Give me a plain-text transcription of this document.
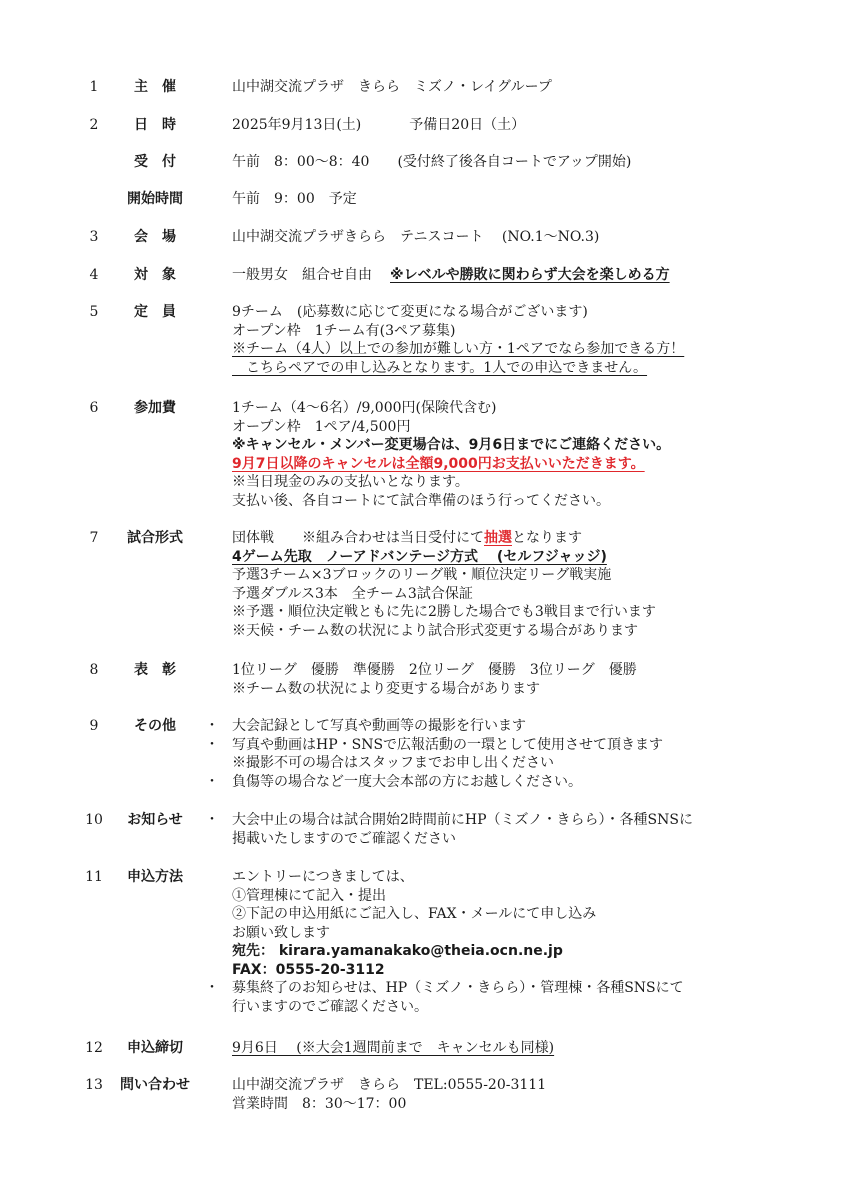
1	主　催	山中湖交流プラザ　きらら　ミズノ・レイグループ
2	日　時	2025年9月13日(土)	予備日20日（土）
受　付	午前　8：00～8：40　　(受付終了後各自コートでアップ開始)
開始時間	午前　9：00　予定
3	会　場	山中湖交流プラザきらら　テニスコート　 (NO.1～NO.3)
4	対　象	一般男女　組合せ自由 ※レベルや勝敗に関わらず大会を楽しめる方
5	定　員	9チーム　(応募数に応じて変更になる場合がございます)
オープン枠　1チーム有(3ペア募集)
※チーム（4人）以上での参加が難しい方・1ペアでなら参加できる方！
　こちらペアでの申し込みとなります。1人での申込できません。
6	参加費	1チーム（4～6名）/9,000円(保険代含む)
オープン枠　1ペア/4,500円
※キャンセル・メンバー変更場合は、9月6日までにご連絡ください。
9月7日以降のキャンセルは全額9,000円お支払いいただきます。
※当日現金のみの支払いとなります。
支払い後、各自コートにて試合準備のほう行ってください。
7	試合形式	団体戦　　※組み合わせは当日受付にて抽選となります
4ゲーム先取　ノーアドバンテージ方式　 (セルフジャッジ)
予選3チーム×3ブロックのリーグ戦・順位決定リーグ戦実施
予選ダブルス3本　全チーム3試合保証
※予選・順位決定戦ともに先に2勝した場合でも3戦目まで行います
※天候・チーム数の状況により試合形式変更する場合があります
8	表　彰	1位リーグ　優勝　準優勝　2位リーグ　優勝　3位リーグ　優勝
※チーム数の状況により変更する場合があります
9	その他	・ 大会記録として写真や動画等の撮影を行います
・ 写真や動画はHP・SNSで広報活動の一環として使用させて頂きます
※撮影不可の場合はスタッフまでお申し出ください
・ 負傷等の場合など一度大会本部の方にお越しください。
10	お知らせ	・ 大会中止の場合は試合開始2時間前にHP（ミズノ・きらら）・各種SNSに
掲載いたしますのでご確認ください
11	申込方法	エントリーにつきましては、
①管理棟にて記入・提出
②下記の申込用紙にご記入し、FAX・メールにて申し込み
お願い致します
宛先： kirara.yamanakako@theia.ocn.ne.jp
FAX：0555-20-3112
・ 募集終了のお知らせは、HP（ミズノ・きらら）・管理棟・各種SNSにて
行いますのでご確認ください。
12	申込締切	9月6日　 (※大会1週間前まで　キャンセルも同様)
13	問い合わせ	山中湖交流プラザ　きらら　TEL:0555-20-3111
営業時間　8：30～17：00
